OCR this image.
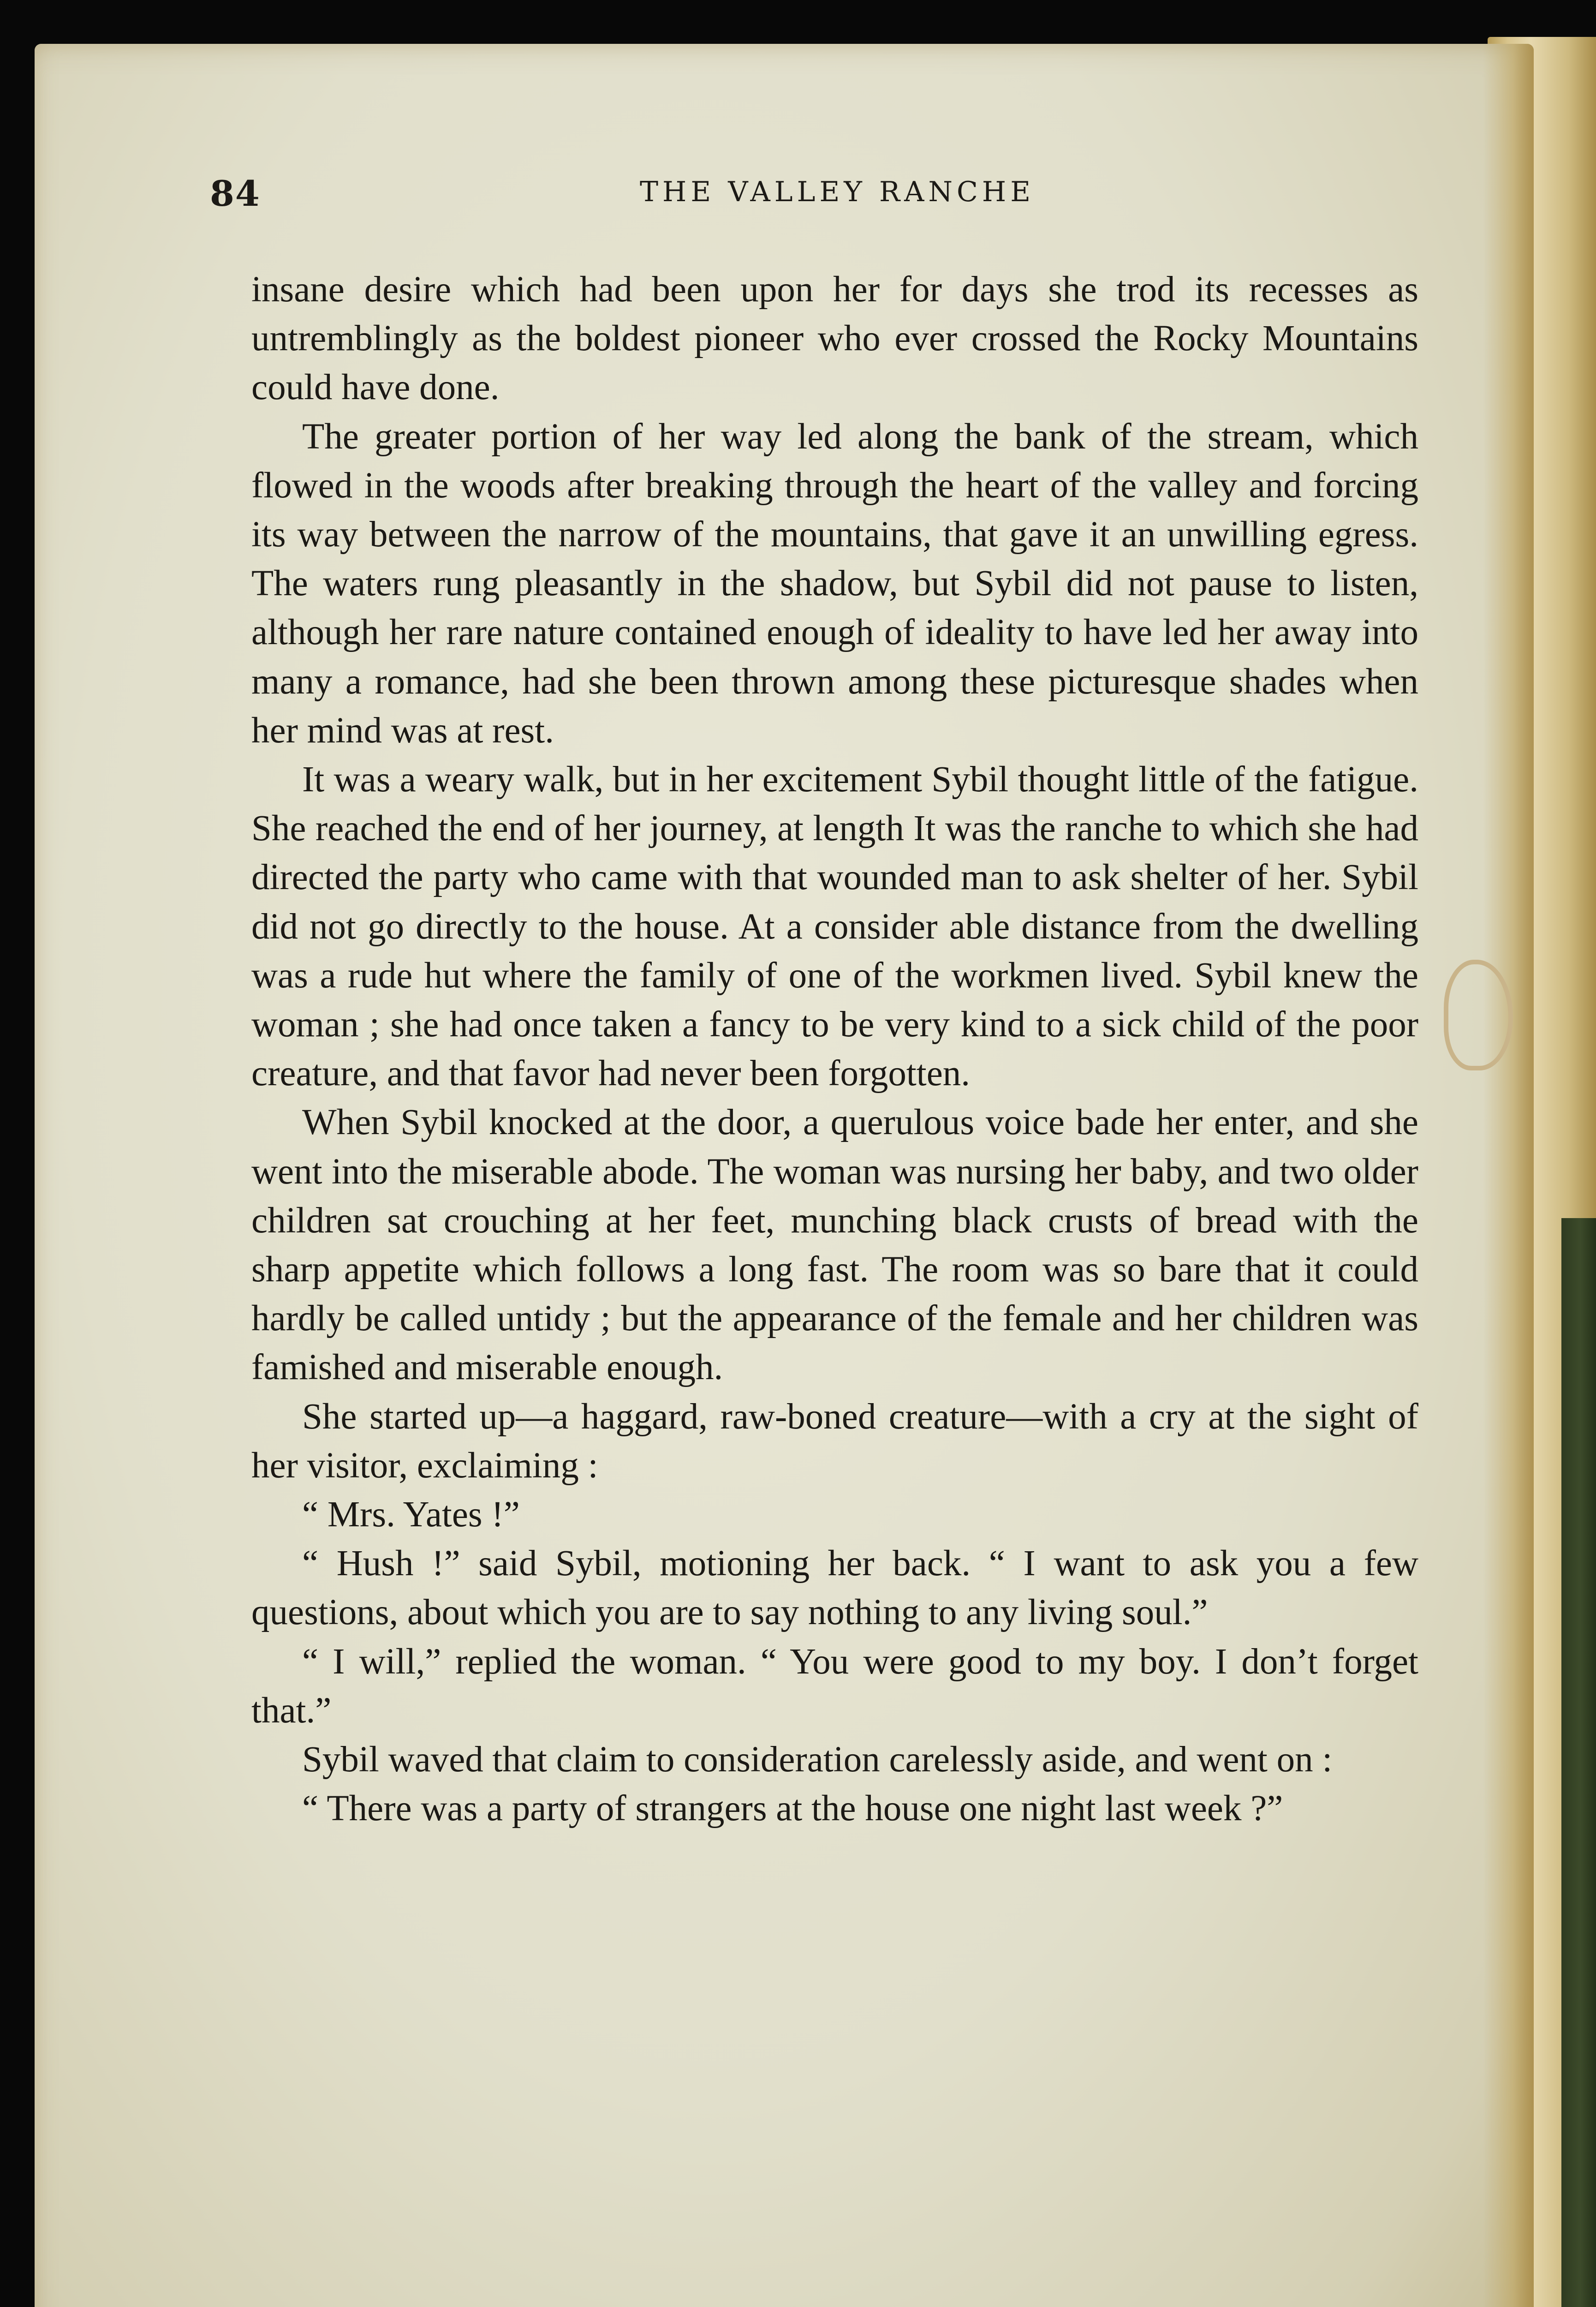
84	THE VALLEY RANCHE

insane desire which had been upon her for days she trod its recesses as untremblingly as the boldest pioneer who ever crossed the Rocky Mountains could have done.

The greater portion of her way led along the bank of the stream, which flowed in the woods after breaking through the heart of the valley and forcing its way between the narrow of the mountains, that gave it an unwilling egress. The waters rung pleasantly in the shadow, but Sybil did not pause to listen, although her rare nature contained enough of ideality to have led her away into many a romance, had she been thrown among these picturesque shades when her mind was at rest.

It was a weary walk, but in her excitement Sybil thought little of the fatigue. She reached the end of her journey, at length It was the ranche to which she had directed the party who came with that wounded man to ask shelter of her. Sybil did not go directly to the house. At a consider able distance from the dwelling was a rude hut where the family of one of the workmen lived. Sybil knew the woman ; she had once taken a fancy to be very kind to a sick child of the poor creature, and that favor had never been forgotten.

When Sybil knocked at the door, a querulous voice bade her enter, and she went into the miserable abode. The woman was nursing her baby, and two older children sat crouching at her feet, munching black crusts of bread with the sharp appetite which follows a long fast. The room was so bare that it could hardly be called untidy ; but the appearance of the female and her children was famished and miserable enough.

She started up—a haggard, raw-boned creature—with a cry at the sight of her visitor, exclaiming :

“ Mrs. Yates !”

“ Hush !” said Sybil, motioning her back. “ I want to ask you a few questions, about which you are to say nothing to any living soul.”

“ I will,” replied the woman. “ You were good to my boy. I don’t forget that.”

Sybil waved that claim to consideration carelessly aside, and went on :

“ There was a party of strangers at the house one night last week ?”
